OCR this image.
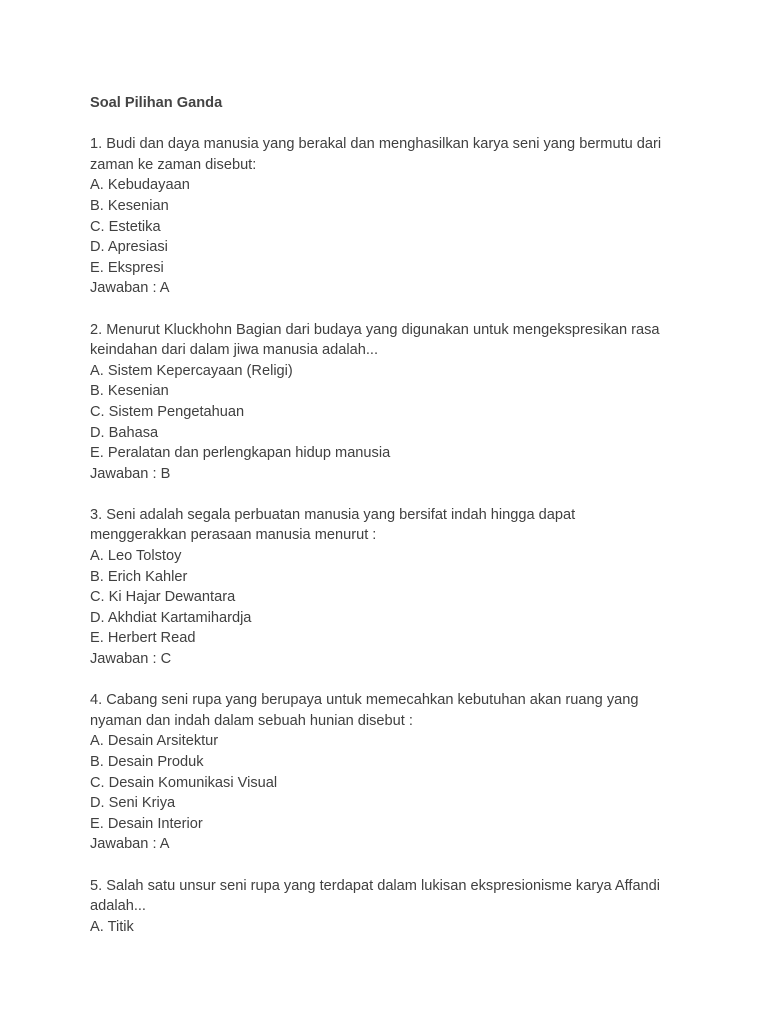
Soal Pilihan Ganda
1. Budi dan daya manusia yang berakal dan menghasilkan karya seni yang bermutu dari
zaman ke zaman disebut:
A. Kebudayaan
B. Kesenian
C. Estetika
D. Apresiasi
E. Ekspresi
Jawaban : A
2. Menurut Kluckhohn Bagian dari budaya yang digunakan untuk mengekspresikan rasa
keindahan dari dalam jiwa manusia adalah...
A. Sistem Kepercayaan (Religi)
B. Kesenian
C. Sistem Pengetahuan
D. Bahasa
E. Peralatan dan perlengkapan hidup manusia
Jawaban : B
3. Seni adalah segala perbuatan manusia yang bersifat indah hingga dapat
menggerakkan perasaan manusia menurut :
A. Leo Tolstoy
B. Erich Kahler
C. Ki Hajar Dewantara
D. Akhdiat Kartamihardja
E. Herbert Read
Jawaban : C
4. Cabang seni rupa yang berupaya untuk memecahkan kebutuhan akan ruang yang
nyaman dan indah dalam sebuah hunian disebut :
A. Desain Arsitektur
B. Desain Produk
C. Desain Komunikasi Visual
D. Seni Kriya
E. Desain Interior
Jawaban : A
5. Salah satu unsur seni rupa yang terdapat dalam lukisan ekspresionisme karya Affandi
adalah...
A. Titik
